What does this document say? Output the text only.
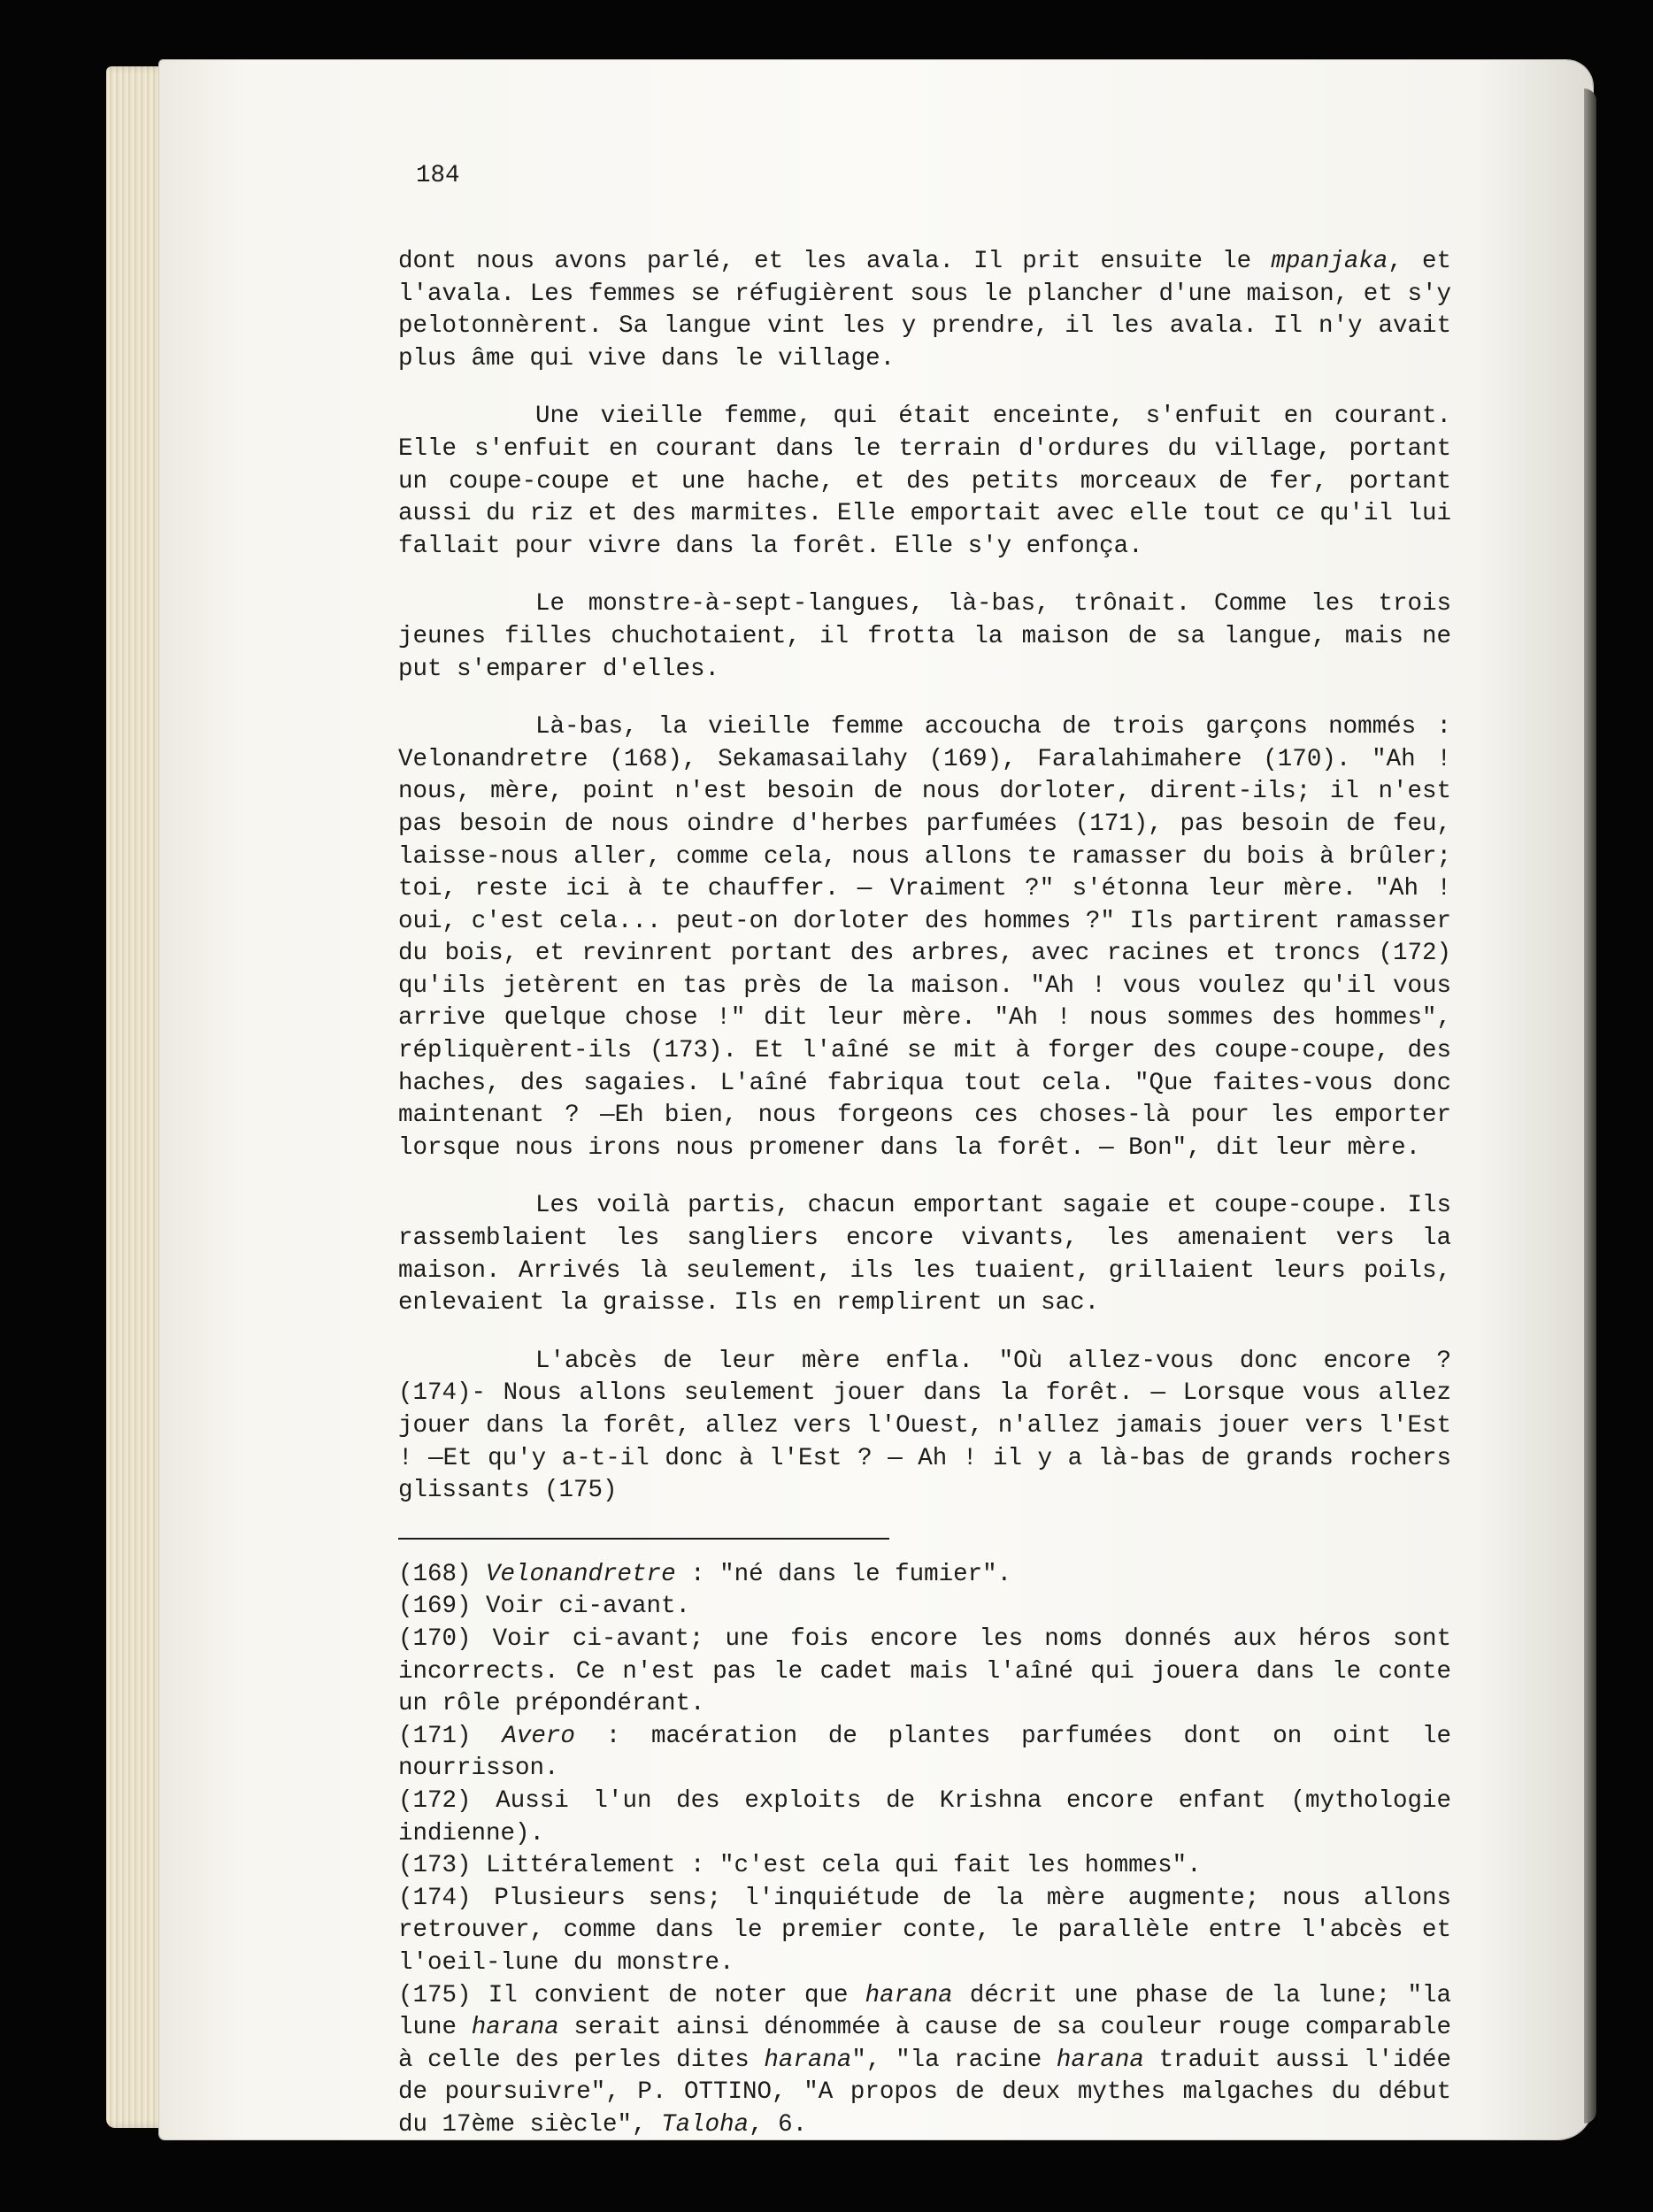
184

dont nous avons parlé, et les avala. Il prit ensuite le mpanjaka, et l'avala. Les femmes se réfugièrent sous le plancher d'une maison, et s'y pelotonnèrent. Sa langue vint les y prendre, il les avala. Il n'y avait plus âme qui vive dans le village.

Une vieille femme, qui était enceinte, s'enfuit en courant. Elle s'enfuit en courant dans le terrain d'ordures du village, portant un coupe-coupe et une hache, et des petits morceaux de fer, portant aussi du riz et des marmites. Elle emportait avec elle tout ce qu'il lui fallait pour vivre dans la forêt. Elle s'y enfonça.

Le monstre-à-sept-langues, là-bas, trônait. Comme les trois jeunes filles chuchotaient, il frotta la maison de sa langue, mais ne put s'emparer d'elles.

Là-bas, la vieille femme accoucha de trois garçons nommés : Velonandretre (168), Sekamasailahy (169), Faralahimahere (170). "Ah ! nous, mère, point n'est besoin de nous dorloter, dirent-ils; il n'est pas besoin de nous oindre d'herbes parfumées (171), pas besoin de feu, laisse-nous aller, comme cela, nous allons te ramasser du bois à brûler; toi, reste ici à te chauffer. — Vraiment ?" s'étonna leur mère. "Ah ! oui, c'est cela... peut-on dorloter des hommes ?" Ils partirent ramasser du bois, et revinrent portant des arbres, avec racines et troncs (172) qu'ils jetèrent en tas près de la maison. "Ah ! vous voulez qu'il vous arrive quelque chose !" dit leur mère. "Ah ! nous sommes des hommes", répliquèrent-ils (173). Et l'aîné se mit à forger des coupe-coupe, des haches, des sagaies. L'aîné fabriqua tout cela. "Que faites-vous donc maintenant ? —Eh bien, nous forgeons ces choses-là pour les emporter lorsque nous irons nous promener dans la forêt. — Bon", dit leur mère.

Les voilà partis, chacun emportant sagaie et coupe-coupe. Ils rassemblaient les sangliers encore vivants, les amenaient vers la maison. Arrivés là seulement, ils les tuaient, grillaient leurs poils, enlevaient la graisse. Ils en remplirent un sac.

L'abcès de leur mère enfla. "Où allez-vous donc encore ? (174)- Nous allons seulement jouer dans la forêt. — Lorsque vous allez jouer dans la forêt, allez vers l'Ouest, n'allez jamais jouer vers l'Est ! —Et qu'y a-t-il donc à l'Est ? — Ah ! il y a là-bas de grands rochers glissants (175)

(168) Velonandretre : "né dans le fumier".

(169) Voir ci-avant.

(170) Voir ci-avant; une fois encore les noms donnés aux héros sont incorrects. Ce n'est pas le cadet mais l'aîné qui jouera dans le conte un rôle prépondérant.

(171) Avero : macération de plantes parfumées dont on oint le nourrisson.

(172) Aussi l'un des exploits de Krishna encore enfant (mythologie indienne).

(173) Littéralement : "c'est cela qui fait les hommes".

(174) Plusieurs sens; l'inquiétude de la mère augmente; nous allons retrouver, comme dans le premier conte, le parallèle entre l'abcès et l'oeil-lune du monstre.

(175) Il convient de noter que harana décrit une phase de la lune; "la lune harana serait ainsi dénommée à cause de sa couleur rouge comparable à celle des perles dites harana", "la racine harana traduit aussi l'idée de poursuivre", P. OTTINO, "A propos de deux mythes malgaches du début du 17ème siècle", Taloha, 6.
